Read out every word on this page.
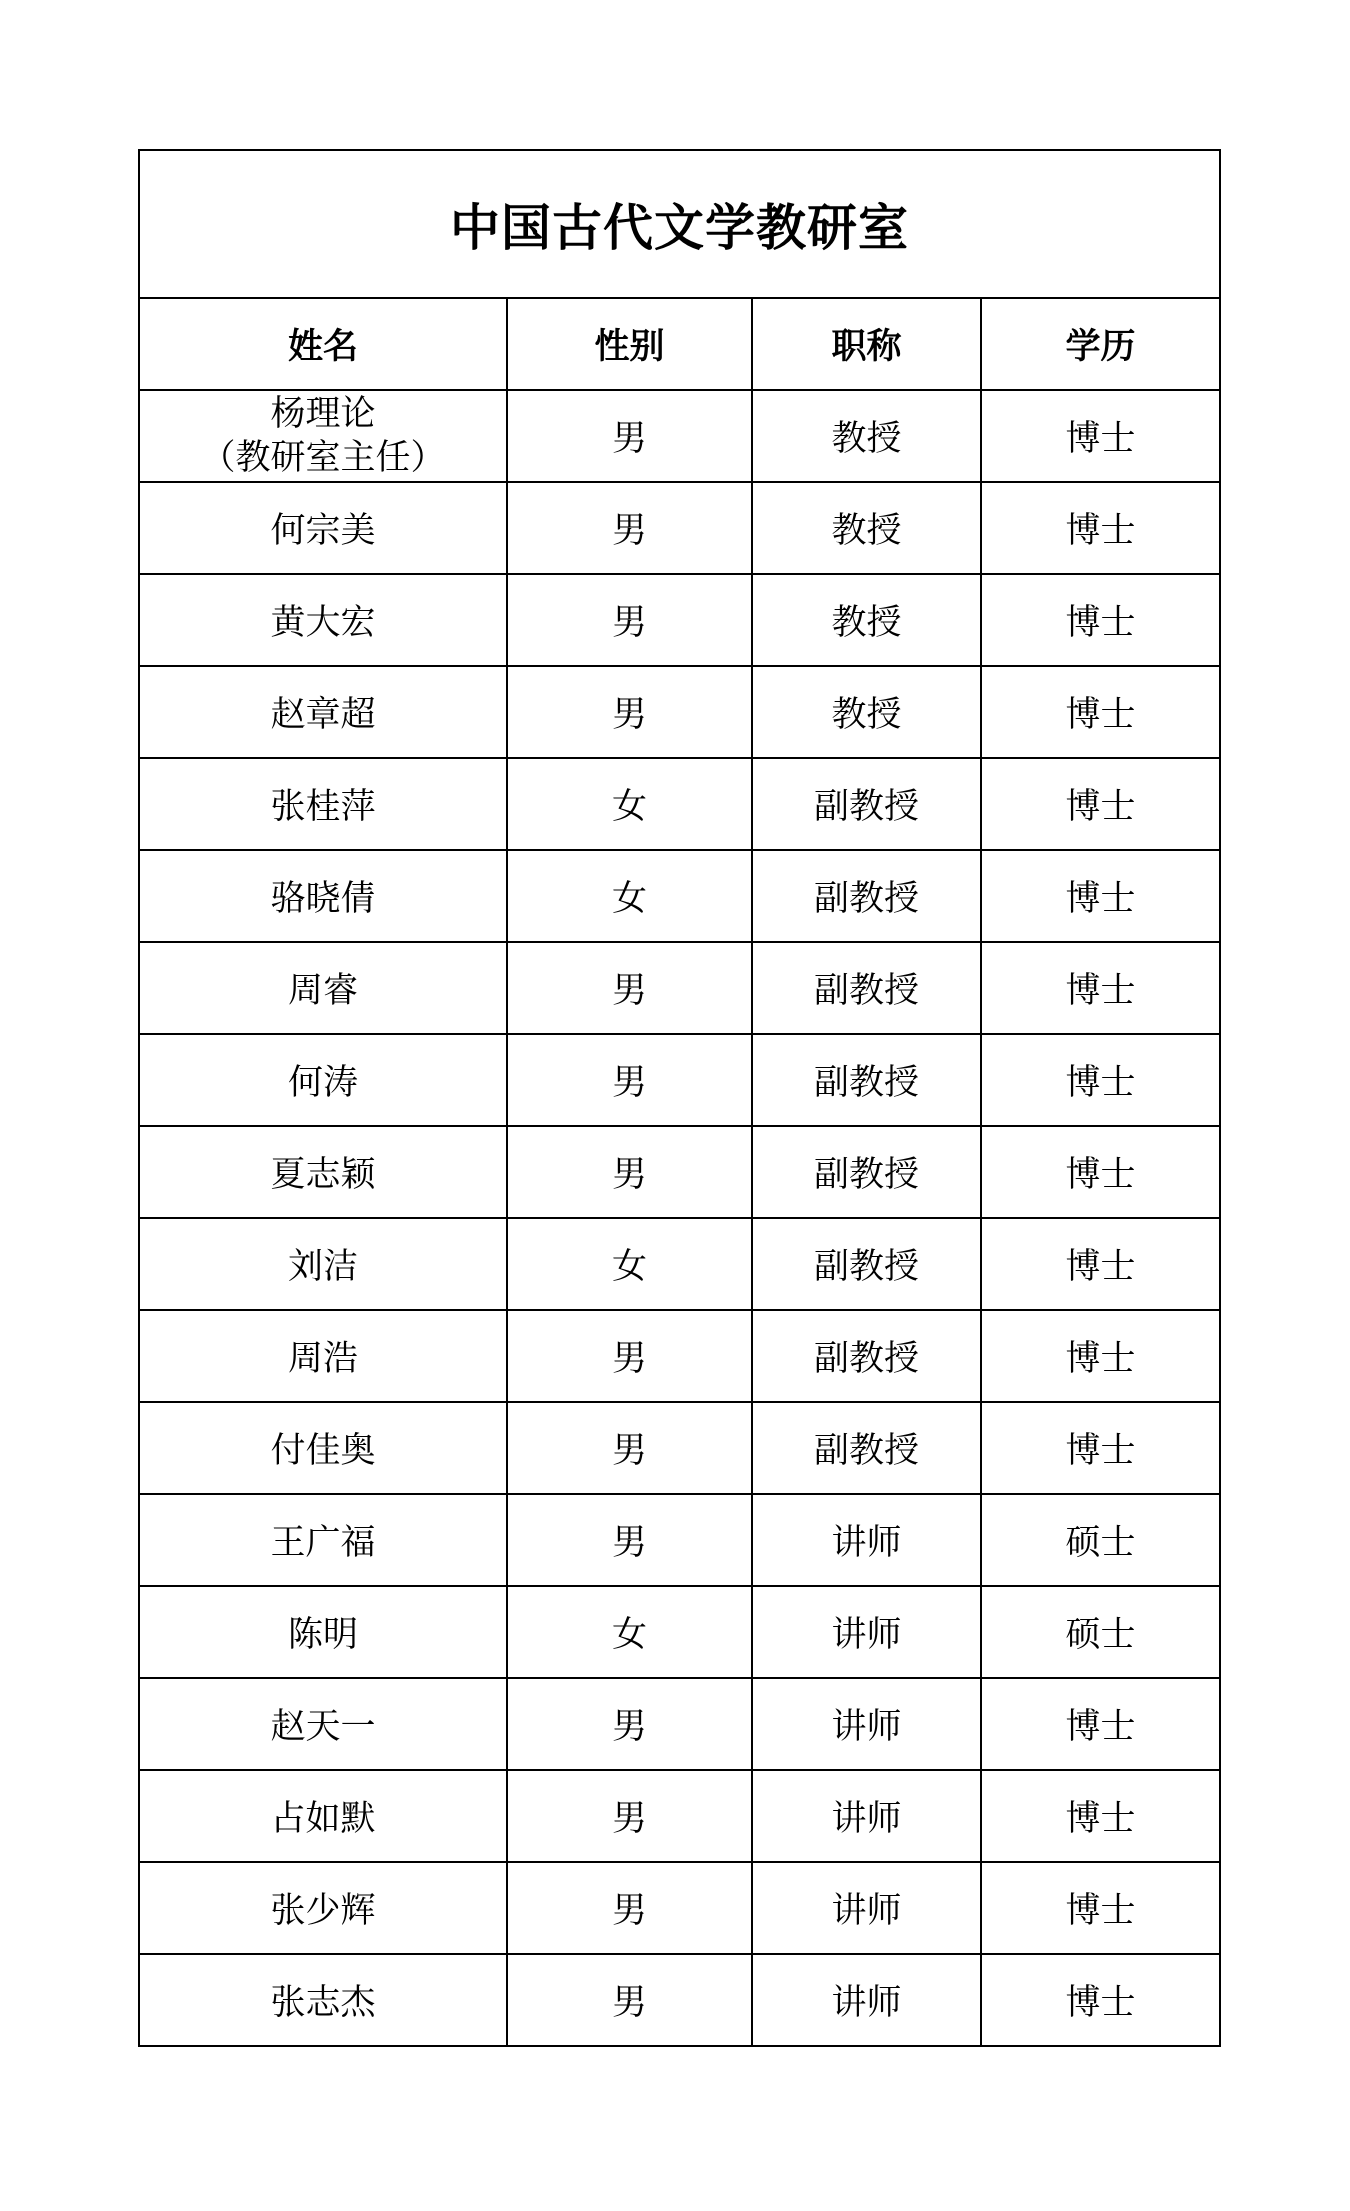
中国古代文学教研室			
姓名	性别	职称	学历

杨理论
（教研室主任）	男	教授	博士
何宗美	男	教授	博士
黄大宏	男	教授	博士
赵章超	男	教授	博士
张桂萍	女	副教授	博士
骆晓倩	女	副教授	博士
周睿	男	副教授	博士
何涛	男	副教授	博士
夏志颖	男	副教授	博士
刘洁	女	副教授	博士
周浩	男	副教授	博士
付佳奥	男	副教授	博士
王广福	男	讲师	硕士
陈明	女	讲师	硕士
赵天一	男	讲师	博士
占如默	男	讲师	博士
张少辉	男	讲师	博士
张志杰	男	讲师	博士
